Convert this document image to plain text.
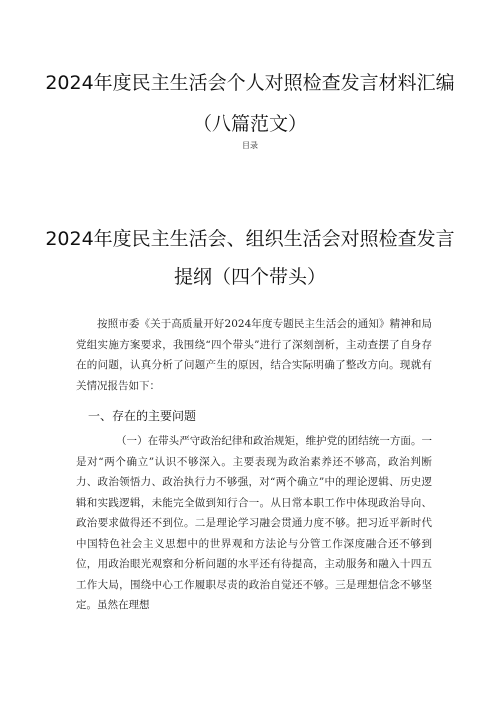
2024年度民主生活会个人对照检查发言材料汇编（八篇范文）
目录
2024年度民主生活会、组织生活会对照检查发言提纲（四个带头）

按照市委《关于高质量开好2024年度专题民主生活会的通知》精神和局党组实施方案要求，我围绕“四个带头”进行了深刻剖析，主动查摆了自身存在的问题，认真分析了问题产生的原因，结合实际明确了整改方向。现就有关情况报告如下：

一、存在的主要问题

（一）在带头严守政治纪律和政治规矩，维护党的团结统一方面。一是对“两个确立”认识不够深入。主要表现为政治素养还不够高，政治判断力、政治领悟力、政治执行力不够强，对“两个确立”中的理论逻辑、历史逻辑和实践逻辑，未能完全做到知行合一。从日常本职工作中体现政治导向、政治要求做得还不到位。二是理论学习融会贯通力度不够。把习近平新时代中国特色社会主义思想中的世界观和方法论与分管工作深度融合还不够到位，用政治眼光观察和分析问题的水平还有待提高，主动服务和融入十四五工作大局，围绕中心工作履职尽责的政治自觉还不够。三是理想信念不够坚定。虽然在理想
